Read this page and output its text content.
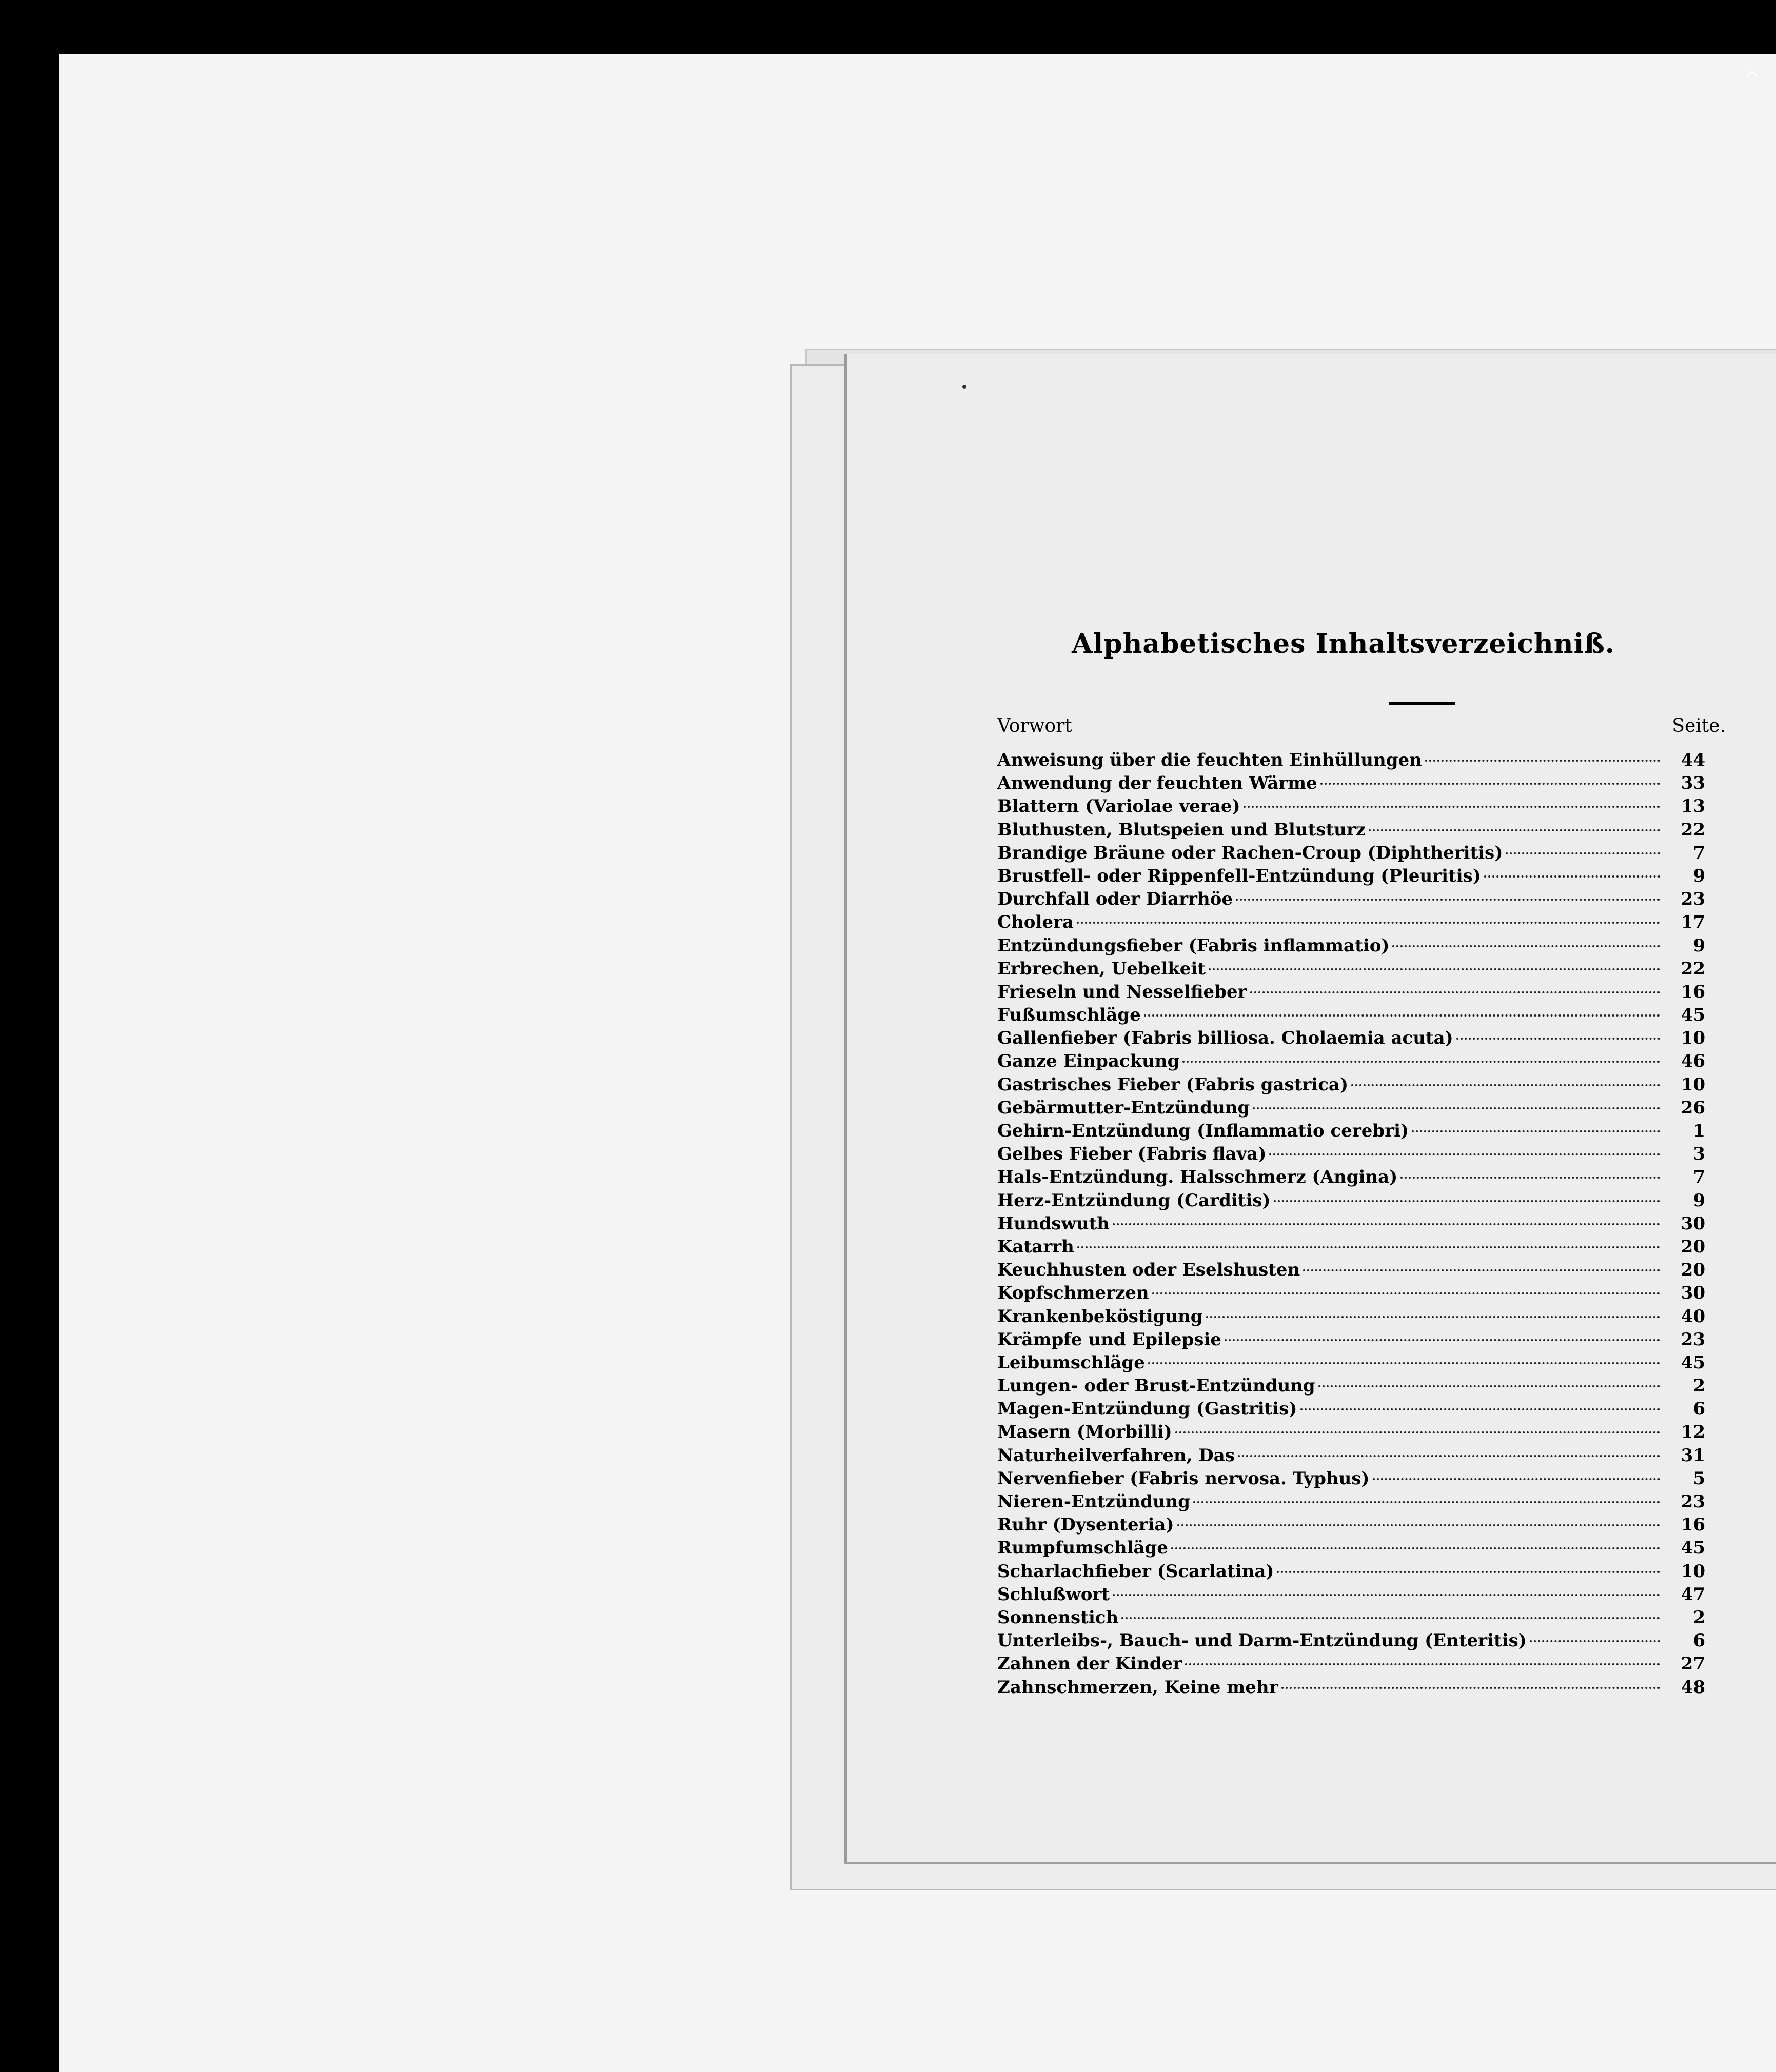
^
Alphabetisches Inhaltsverzeichniß.
Vorwort	Seite.
Anweisung über die feuchten Einhüllungen	44
Anwendung der feuchten Wärme	33
Blattern (Variolae verae)	13
Bluthusten, Blutspeien und Blutsturz	22
Brandige Bräune oder Rachen-Croup (Diphtheritis)	7
Brustfell- oder Rippenfell-Entzündung (Pleuritis)	9
Durchfall oder Diarrhöe	23
Cholera	17
Entzündungsfieber (Fabris inflammatio)	9
Erbrechen, Uebelkeit	22
Frieseln und Nesselfieber	16
Fußumschläge	45
Gallenfieber (Fabris billiosa. Cholaemia acuta)	10
Ganze Einpackung	46
Gastrisches Fieber (Fabris gastrica)	10
Gebärmutter-Entzündung	26
Gehirn-Entzündung (Inflammatio cerebri)	1
Gelbes Fieber (Fabris flava)	3
Hals-Entzündung. Halsschmerz (Angina)	7
Herz-Entzündung (Carditis)	9
Hundswuth	30
Katarrh	20
Keuchhusten oder Eselshusten	20
Kopfschmerzen	30
Krankenbeköstigung	40
Krämpfe und Epilepsie	23
Leibumschläge	45
Lungen- oder Brust-Entzündung	2
Magen-Entzündung (Gastritis)	6
Masern (Morbilli)	12
Naturheilverfahren, Das	31
Nervenfieber (Fabris nervosa. Typhus)	5
Nieren-Entzündung	23
Ruhr (Dysenteria)	16
Rumpfumschläge	45
Scharlachfieber (Scarlatina)	10
Schlußwort	47
Sonnenstich	2
Unterleibs-, Bauch- und Darm-Entzündung (Enteritis)	6
Zahnen der Kinder	27
Zahnschmerzen, Keine mehr	48
